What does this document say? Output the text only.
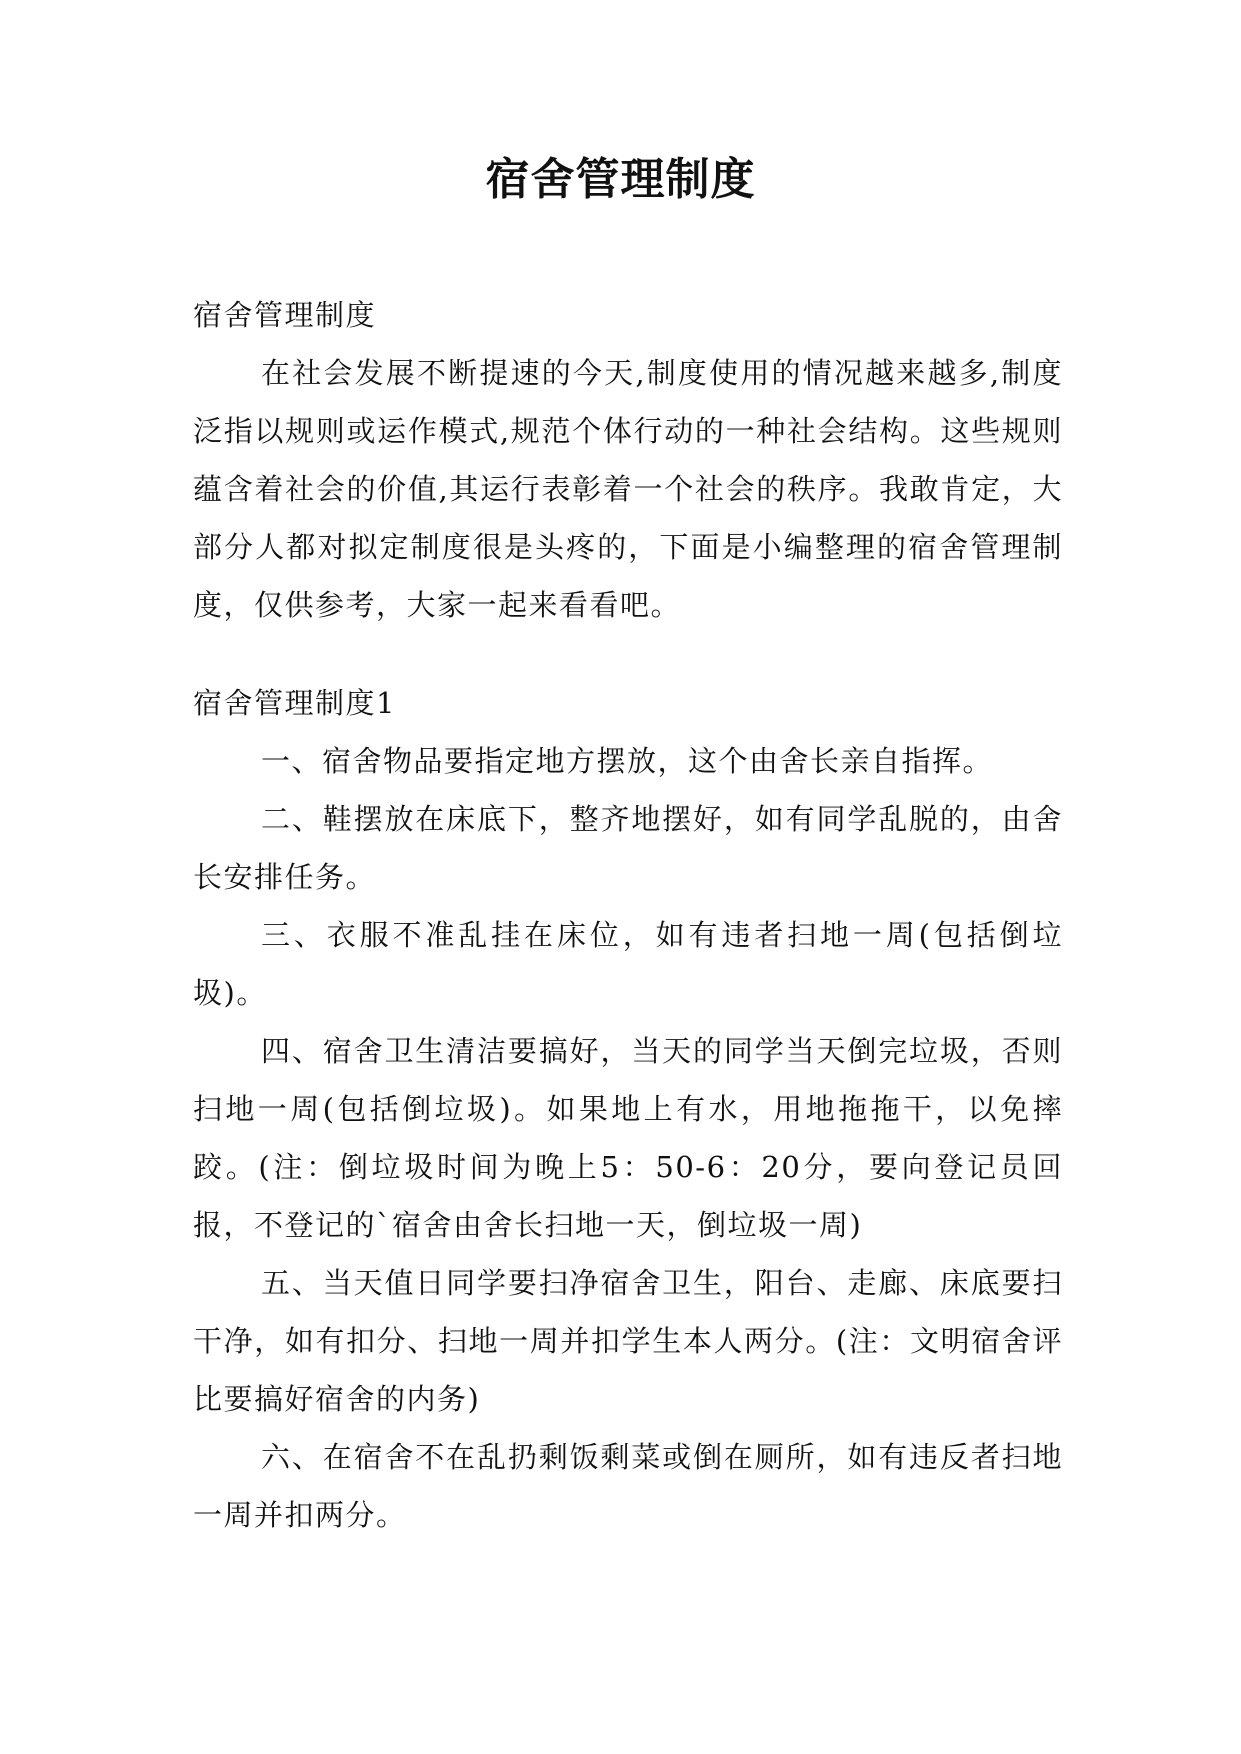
宿舍管理制度

宿舍管理制度

在社会发展不断提速的今天,制度使用的情况越来越多,制度泛指以规则或运作模式,规范个体行动的一种社会结构。这些规则蕴含着社会的价值,其运行表彰着一个社会的秩序。我敢肯定，大部分人都对拟定制度很是头疼的，下面是小编整理的宿舍管理制度，仅供参考，大家一起来看看吧。

宿舍管理制度1

一、宿舍物品要指定地方摆放，这个由舍长亲自指挥。

二、鞋摆放在床底下，整齐地摆好，如有同学乱脱的，由舍长安排任务。

三、衣服不准乱挂在床位，如有违者扫地一周(包括倒垃圾)。

四、宿舍卫生清洁要搞好，当天的同学当天倒完垃圾，否则扫地一周(包括倒垃圾)。如果地上有水，用地拖拖干，以免摔跤。(注：倒垃圾时间为晚上5：50-6：20分，要向登记员回报，不登记的`宿舍由舍长扫地一天，倒垃圾一周)

五、当天值日同学要扫净宿舍卫生，阳台、走廊、床底要扫干净，如有扣分、扫地一周并扣学生本人两分。(注：文明宿舍评比要搞好宿舍的内务)

六、在宿舍不在乱扔剩饭剩菜或倒在厕所，如有违反者扫地一周并扣两分。
